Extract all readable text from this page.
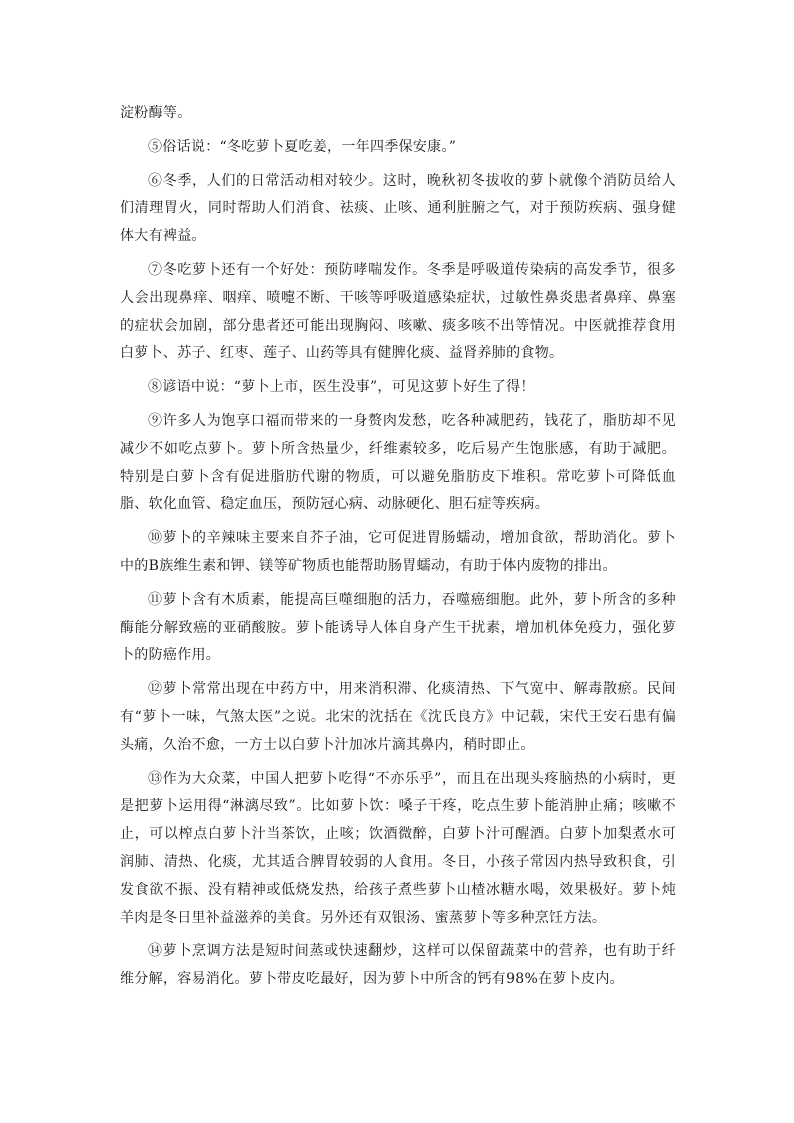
淀粉酶等。

⑤俗话说：“冬吃萝卜夏吃姜，一年四季保安康。”

⑥冬季，人们的日常活动相对较少。这时，晚秋初冬拔收的萝卜就像个消防员给人们清理胃火，同时帮助人们消食、祛痰、止咳、通利脏腑之气，对于预防疾病、强身健体大有裨益。

⑦冬吃萝卜还有一个好处：预防哮喘发作。冬季是呼吸道传染病的高发季节，很多人会出现鼻痒、咽痒、喷嚏不断、干咳等呼吸道感染症状，过敏性鼻炎患者鼻痒、鼻塞的症状会加剧，部分患者还可能出现胸闷、咳嗽、痰多咳不出等情况。中医就推荐食用白萝卜、苏子、红枣、莲子、山药等具有健脾化痰、益肾养肺的食物。

⑧谚语中说：“萝卜上市，医生没事”，可见这萝卜好生了得！

⑨许多人为饱享口福而带来的一身赘肉发愁，吃各种减肥药，钱花了，脂肪却不见减少不如吃点萝卜。萝卜所含热量少，纤维素较多，吃后易产生饱胀感，有助于减肥。特别是白萝卜含有促进脂肪代谢的物质，可以避免脂肪皮下堆积。常吃萝卜可降低血脂、软化血管、稳定血压，预防冠心病、动脉硬化、胆石症等疾病。

⑩萝卜的辛辣味主要来自芥子油，它可促进胃肠蠕动，增加食欲，帮助消化。萝卜中的B族维生素和钾、镁等矿物质也能帮助肠胃蠕动，有助于体内废物的排出。

⑪萝卜含有木质素，能提高巨噬细胞的活力，吞噬癌细胞。此外，萝卜所含的多种酶能分解致癌的亚硝酸胺。萝卜能诱导人体自身产生干扰素，增加机体免疫力，强化萝卜的防癌作用。

⑫萝卜常常出现在中药方中，用来消积滞、化痰清热、下气宽中、解毒散瘀。民间有“萝卜一味，气煞太医”之说。北宋的沈括在《沈氏良方》中记载，宋代王安石患有偏头痛，久治不愈，一方士以白萝卜汁加冰片滴其鼻内，稍时即止。

⑬作为大众菜，中国人把萝卜吃得“不亦乐乎”，而且在出现头疼脑热的小病时，更是把萝卜运用得“淋漓尽致”。比如萝卜饮：嗓子干疼，吃点生萝卜能消肿止痛；咳嗽不止，可以榨点白萝卜汁当茶饮，止咳；饮酒微醉，白萝卜汁可醒酒。白萝卜加梨煮水可润肺、清热、化痰，尤其适合脾胃较弱的人食用。冬日，小孩子常因内热导致积食，引发食欲不振、没有精神或低烧发热，给孩子煮些萝卜山楂冰糖水喝，效果极好。萝卜炖羊肉是冬日里补益滋养的美食。另外还有双银汤、蜜蒸萝卜等多种烹饪方法。

⑭萝卜烹调方法是短时间蒸或快速翻炒，这样可以保留蔬菜中的营养，也有助于纤维分解，容易消化。萝卜带皮吃最好，因为萝卜中所含的钙有98%在萝卜皮内。
